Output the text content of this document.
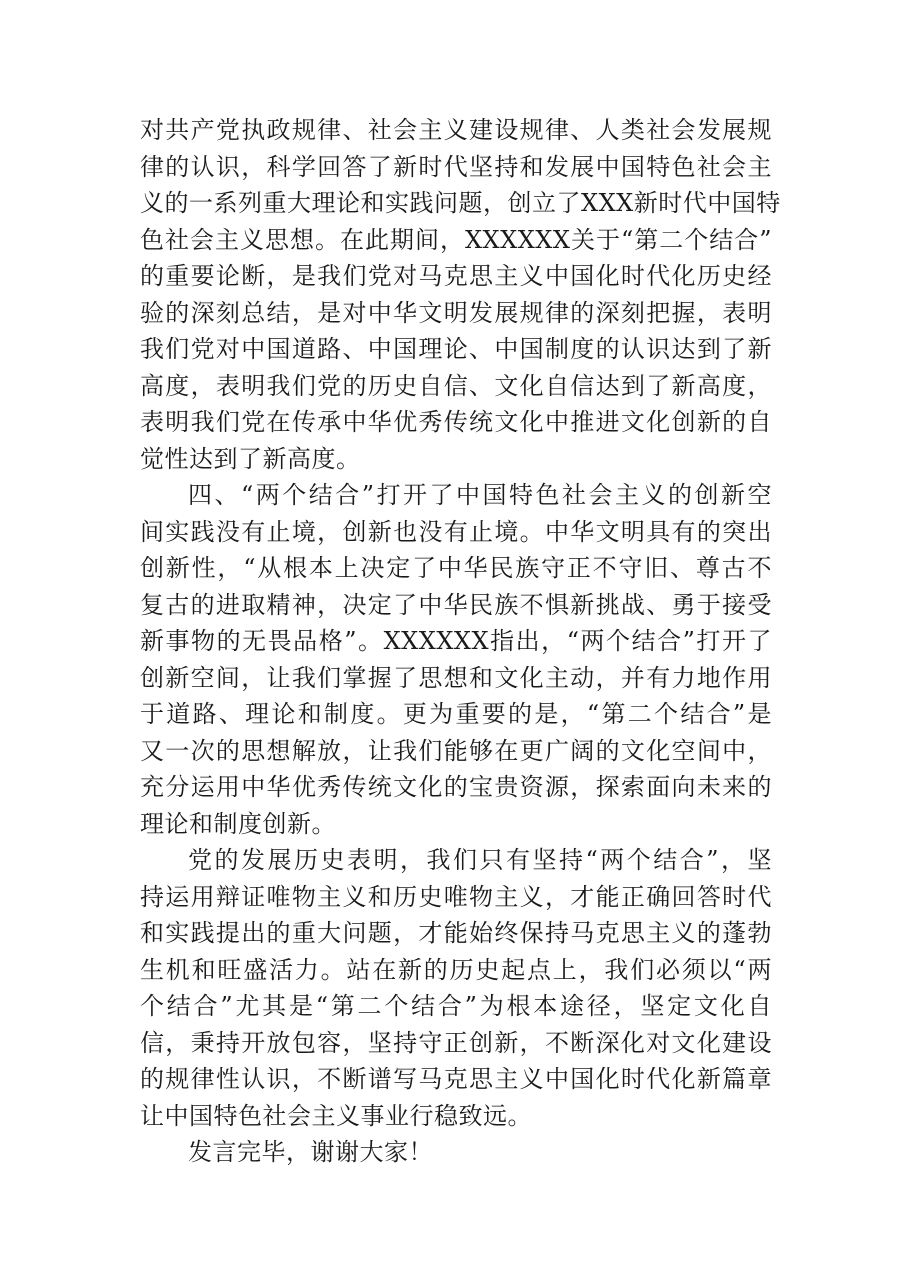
对共产党执政规律、社会主义建设规律、人类社会发展规
律的认识，科学回答了新时代坚持和发展中国特色社会主
义的一系列重大理论和实践问题，创立了XXX新时代中国特
色社会主义思想。在此期间，XXXXXX关于“第二个结合”
的重要论断，是我们党对马克思主义中国化时代化历史经
验的深刻总结，是对中华文明发展规律的深刻把握，表明
我们党对中国道路、中国理论、中国制度的认识达到了新
高度，表明我们党的历史自信、文化自信达到了新高度，
表明我们党在传承中华优秀传统文化中推进文化创新的自
觉性达到了新高度。
四、“两个结合”打开了中国特色社会主义的创新空
间实践没有止境，创新也没有止境。中华文明具有的突出
创新性，“从根本上决定了中华民族守正不守旧、尊古不
复古的进取精神，决定了中华民族不惧新挑战、勇于接受
新事物的无畏品格”。XXXXXX指出，“两个结合”打开了
创新空间，让我们掌握了思想和文化主动，并有力地作用
于道路、理论和制度。更为重要的是，“第二个结合”是
又一次的思想解放，让我们能够在更广阔的文化空间中，
充分运用中华优秀传统文化的宝贵资源，探索面向未来的
理论和制度创新。
党的发展历史表明，我们只有坚持“两个结合”，坚
持运用辩证唯物主义和历史唯物主义，才能正确回答时代
和实践提出的重大问题，才能始终保持马克思主义的蓬勃
生机和旺盛活力。站在新的历史起点上，我们必须以“两
个结合”尤其是“第二个结合”为根本途径，坚定文化自
信，秉持开放包容，坚持守正创新，不断深化对文化建设
的规律性认识，不断谱写马克思主义中国化时代化新篇章
让中国特色社会主义事业行稳致远。
发言完毕，谢谢大家！
